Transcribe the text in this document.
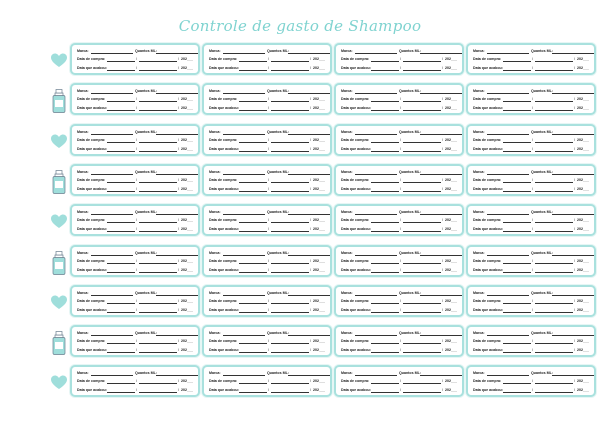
Controle de gasto de Shampoo
Marca:	Quantos ML:
Data de compra:	/	/ 202___
Data que acabou:	/	/ 202___
Marca:	Quantos ML:
Data de compra:	/	/ 202___
Data que acabou:	/	/ 202___
Marca:	Quantos ML:
Data de compra:	/	/ 202___
Data que acabou:	/	/ 202___
Marca:	Quantos ML:
Data de compra:	/	/ 202___
Data que acabou:	/	/ 202___
Marca:	Quantos ML:
Data de compra:	/	/ 202___
Data que acabou:	/	/ 202___
Marca:	Quantos ML:
Data de compra:	/	/ 202___
Data que acabou:	/	/ 202___
Marca:	Quantos ML:
Data de compra:	/	/ 202___
Data que acabou:	/	/ 202___
Marca:	Quantos ML:
Data de compra:	/	/ 202___
Data que acabou:	/	/ 202___
Marca:	Quantos ML:
Data de compra:	/	/ 202___
Data que acabou:	/	/ 202___
Marca:	Quantos ML:
Data de compra:	/	/ 202___
Data que acabou:	/	/ 202___
Marca:	Quantos ML:
Data de compra:	/	/ 202___
Data que acabou:	/	/ 202___
Marca:	Quantos ML:
Data de compra:	/	/ 202___
Data que acabou:	/	/ 202___
Marca:	Quantos ML:
Data de compra:	/	/ 202___
Data que acabou:	/	/ 202___
Marca:	Quantos ML:
Data de compra:	/	/ 202___
Data que acabou:	/	/ 202___
Marca:	Quantos ML:
Data de compra:	/	/ 202___
Data que acabou:	/	/ 202___
Marca:	Quantos ML:
Data de compra:	/	/ 202___
Data que acabou:	/	/ 202___
Marca:	Quantos ML:
Data de compra:	/	/ 202___
Data que acabou:	/	/ 202___
Marca:	Quantos ML:
Data de compra:	/	/ 202___
Data que acabou:	/	/ 202___
Marca:	Quantos ML:
Data de compra:	/	/ 202___
Data que acabou:	/	/ 202___
Marca:	Quantos ML:
Data de compra:	/	/ 202___
Data que acabou:	/	/ 202___
Marca:	Quantos ML:
Data de compra:	/	/ 202___
Data que acabou:	/	/ 202___
Marca:	Quantos ML:
Data de compra:	/	/ 202___
Data que acabou:	/	/ 202___
Marca:	Quantos ML:
Data de compra:	/	/ 202___
Data que acabou:	/	/ 202___
Marca:	Quantos ML:
Data de compra:	/	/ 202___
Data que acabou:	/	/ 202___
Marca:	Quantos ML:
Data de compra:	/	/ 202___
Data que acabou:	/	/ 202___
Marca:	Quantos ML:
Data de compra:	/	/ 202___
Data que acabou:	/	/ 202___
Marca:	Quantos ML:
Data de compra:	/	/ 202___
Data que acabou:	/	/ 202___
Marca:	Quantos ML:
Data de compra:	/	/ 202___
Data que acabou:	/	/ 202___
Marca:	Quantos ML:
Data de compra:	/	/ 202___
Data que acabou:	/	/ 202___
Marca:	Quantos ML:
Data de compra:	/	/ 202___
Data que acabou:	/	/ 202___
Marca:	Quantos ML:
Data de compra:	/	/ 202___
Data que acabou:	/	/ 202___
Marca:	Quantos ML:
Data de compra:	/	/ 202___
Data que acabou:	/	/ 202___
Marca:	Quantos ML:
Data de compra:	/	/ 202___
Data que acabou:	/	/ 202___
Marca:	Quantos ML:
Data de compra:	/	/ 202___
Data que acabou:	/	/ 202___
Marca:	Quantos ML:
Data de compra:	/	/ 202___
Data que acabou:	/	/ 202___
Marca:	Quantos ML:
Data de compra:	/	/ 202___
Data que acabou:	/	/ 202___
